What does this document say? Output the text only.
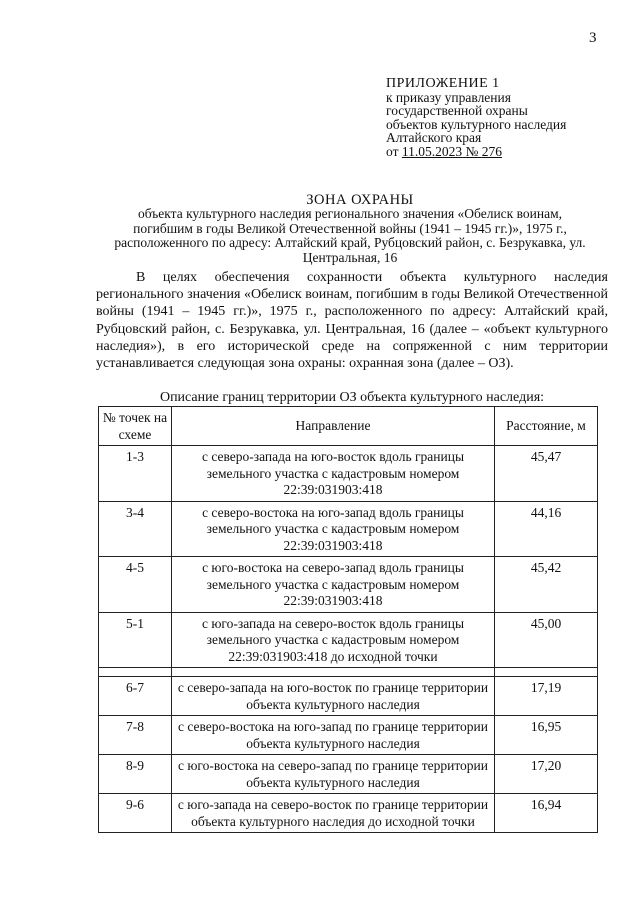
3
ПРИЛОЖЕНИЕ 1
к приказу управления
государственной охраны
объектов культурного наследия
Алтайского края
от 11.05.2023 № 276
ЗОНА ОХРАНЫ
объекта культурного наследия регионального значения «Обелиск воинам, погибшим в годы Великой Отечественной войны (1941 – 1945 гг.)», 1975 г., расположенного по адресу: Алтайский край, Рубцовский район, с. Безрукавка, ул. Центральная, 16
В целях обеспечения сохранности объекта культурного наследия регионального значения «Обелиск воинам, погибшим в годы Великой Отечественной войны (1941 – 1945 гг.)», 1975 г., расположенного по адресу: Алтайский край, Рубцовский район, с. Безрукавка, ул. Центральная, 16 (далее – «объект культурного наследия»), в его исторической среде на сопряженной с ним территории устанавливается следующая зона охраны: охранная зона (далее – ОЗ).
Описание границ территории ОЗ объекта культурного наследия:
№ точек на схеме	Направление	Расстояние, м
1-3	с северо-запада на юго-восток вдоль границы земельного участка с кадастровым номером 22:39:031903:418	45,47
3-4	с северо-востока на юго-запад вдоль границы земельного участка с кадастровым номером 22:39:031903:418	44,16
4-5	с юго-востока на северо-запад вдоль границы земельного участка с кадастровым номером 22:39:031903:418	45,42
5-1	с юго-запада на северо-восток вдоль границы земельного участка с кадастровым номером 22:39:031903:418 до исходной точки	45,00

6-7	с северо-запада на юго-восток по границе территории объекта культурного наследия	17,19
7-8	с северо-востока на юго-запад по границе территории объекта культурного наследия	16,95
8-9	с юго-востока на северо-запад по границе территории объекта культурного наследия	17,20
9-6	с юго-запада на северо-восток по границе территории объекта культурного наследия до исходной точки	16,94
